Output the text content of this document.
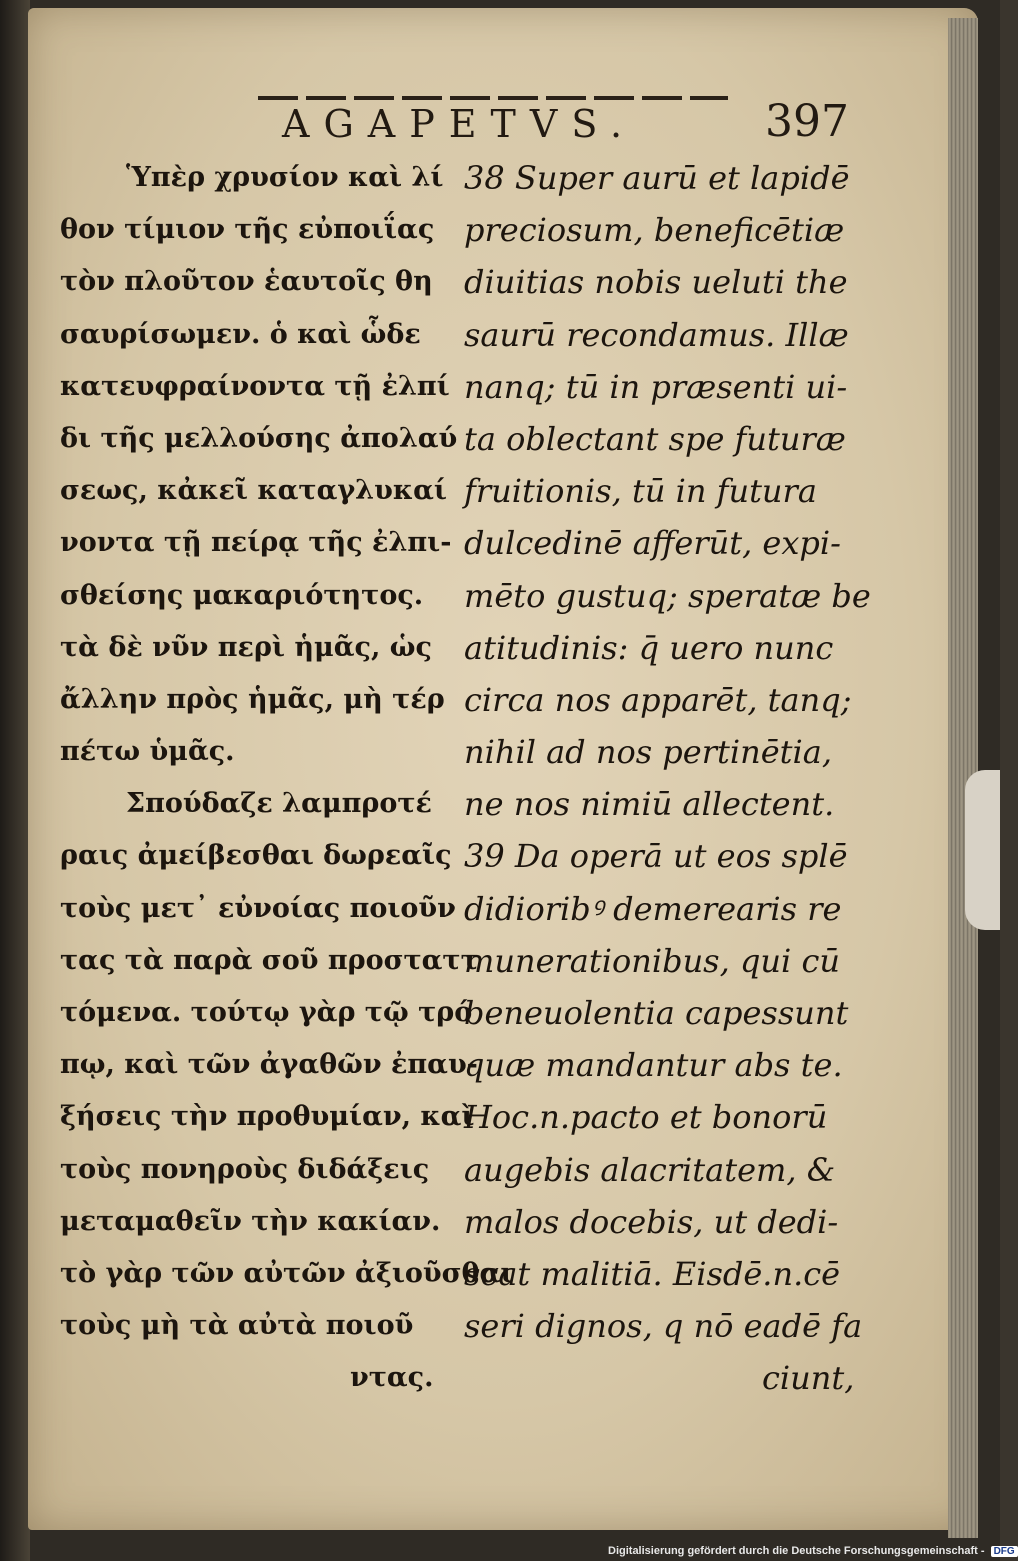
AGAPETVS.	397
Ὑπὲρ χρυσίον καὶ λί
θον τίμιον τῆς εὐποιΐας
τὸν πλοῦτον ἑαυτοῖς θη
σαυρίσωμεν. ὁ καὶ ὧδε
κατευφραίνοντα τῇ ἐλπί
δι τῆς μελλούσης ἀπολαύ
σεως, κἀκεῖ καταγλυκαί
νοντα τῇ πείρᾳ τῆς ἐλπι-
σθείσης μακαριότητος.
τὰ δὲ νῦν περὶ ἡμᾶς, ὡς
ἄλλην πρὸς ἡμᾶς, μὴ τέρ
πέτω ὑμᾶς.
Σπούδαζε λαμπροτέ
ραις ἀμείβεσθαι δωρεαῖς
τοὺς μετ᾽ εὐνοίας ποιοῦν
τας τὰ παρὰ σοῦ προσταττ
τόμενα. τούτῳ γὰρ τῷ τρό
πῳ, καὶ τῶν ἀγαθῶν ἐπαυ-
ξήσεις τὴν προθυμίαν, καὶ
τοὺς πονηροὺς διδάξεις
μεταμαθεῖν τὴν κακίαν.
τὸ γὰρ τῶν αὐτῶν ἀξιοῦσθαι
τοὺς μὴ τὰ αὐτὰ ποιοῦ
ντας.
38 Super aurū et lapidē
preciosum, beneficētiæ
diuitias nobis ueluti the
saurū recondamus. Illæ
nanq; tū in præsenti ui-
ta oblectant spe futuræ
fruitionis, tū in futura
dulcedinē afferūt, expi-
mēto gustuq; speratæ be
atitudinis: q̄ uero nunc
circa nos apparēt, tanq;
nihil ad nos pertinētia,
ne nos nimiū allectent.
39 Da operā ut eos splē
didioribꝰ demerearis re
munerationibus, qui cū
beneuolentia capessunt
quæ mandantur abs te.
Hoc.n.pacto et bonorū
augebis alacritatem, &
malos docebis, ut dedi-
scat malitiā. Eisdē.n.cē
seri dignos, q nō eadē fa
ciunt,
Digitalisierung gefördert durch die Deutsche Forschungsgemeinschaft - DFG
